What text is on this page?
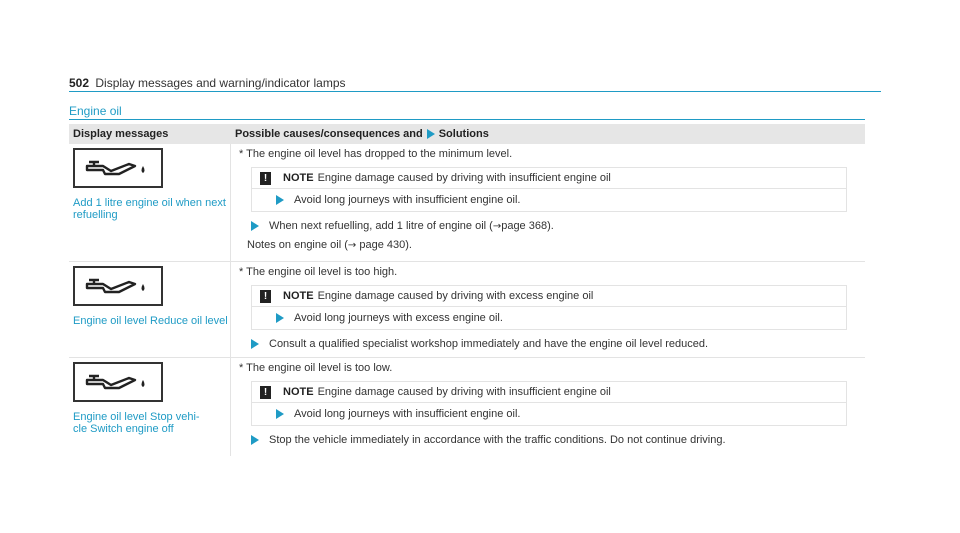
502 Display messages and warning/indicator lamps
Engine oil
Display messages	Possible causes/consequences and Solutions
Add 1 litre engine oil when next refuelling
* The engine oil level has dropped to the minimum level.
!	NOTE Engine damage caused by driving with insufficient engine oil
Avoid long journeys with insufficient engine oil.
When next refuelling, add 1 litre of engine oil ( → page 368).
Notes on engine oil (→ page 430).
Engine oil level Reduce oil level
* The engine oil level is too high.
!	NOTE Engine damage caused by driving with excess engine oil
Avoid long journeys with excess engine oil.
Consult a qualified specialist workshop immediately and have the engine oil level reduced.
Engine oil level Stop vehi-
cle Switch engine off
* The engine oil level is too low.
!	NOTE Engine damage caused by driving with insufficient engine oil
Avoid long journeys with insufficient engine oil.
Stop the vehicle immediately in accordance with the traffic conditions. Do not continue driving.
